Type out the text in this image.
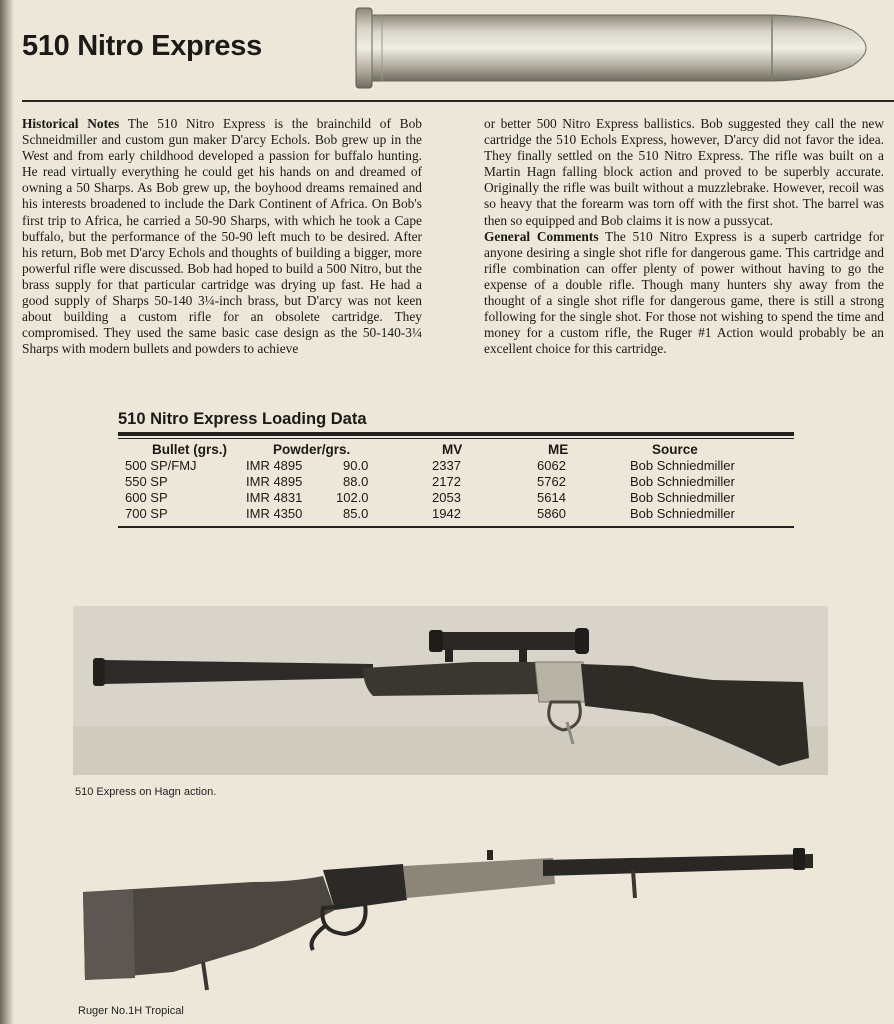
510 Nitro Express

Historical Notes The 510 Nitro Express is the brainchild of Bob Schneidmiller and custom gun maker D'arcy Echols. Bob grew up in the West and from early childhood developed a passion for buffalo hunting. He read virtually everything he could get his hands on and dreamed of owning a 50 Sharps. As Bob grew up, the boyhood dreams remained and his interests broadened to include the Dark Continent of Africa. On Bob's first trip to Africa, he carried a 50-90 Sharps, with which he took a Cape buffalo, but the performance of the 50-90 left much to be desired. After his return, Bob met D'arcy Echols and thoughts of building a bigger, more powerful rifle were discussed. Bob had hoped to build a 500 Nitro, but the brass supply for that particular cartridge was drying up fast. He had a good supply of Sharps 50-140 3¼-inch brass, but D'arcy was not keen about building a custom rifle for an obsolete cartridge. They compromised. They used the same basic case design as the 50-140-3¼ Sharps with modern bullets and powders to achieve

or better 500 Nitro Express ballistics. Bob suggested they call the new cartridge the 510 Echols Express, however, D'arcy did not favor the idea. They finally settled on the 510 Nitro Express. The rifle was built on a Martin Hagn falling block action and proved to be superbly accurate. Originally the rifle was built without a muzzlebrake. However, recoil was so heavy that the forearm was torn off with the first shot. The barrel was then so equipped and Bob claims it is now a pussycat.

General Comments The 510 Nitro Express is a superb cartridge for anyone desiring a single shot rifle for dangerous game. This cartridge and rifle combination can offer plenty of power without having to go the expense of a double rifle. Though many hunters shy away from the thought of a single shot rifle for dangerous game, there is still a strong following for the single shot. For those not wishing to spend the time and money for a custom rifle, the Ruger #1 Action would probably be an excellent choice for this cartridge.

510 Nitro Express Loading Data
Bullet (grs.)	Powder/grs.	MV	ME	Source
500 SP/FMJ	IMR 4895	90.0	2337	6062	Bob Schniedmiller
550 SP	IMR 4895	88.0	2172	5762	Bob Schniedmiller
600 SP	IMR 4831	102.0	2053	5614	Bob Schniedmiller
700 SP	IMR 4350	85.0	1942	5860	Bob Schniedmiller
510 Express on Hagn action.
Ruger No.1H Tropical
